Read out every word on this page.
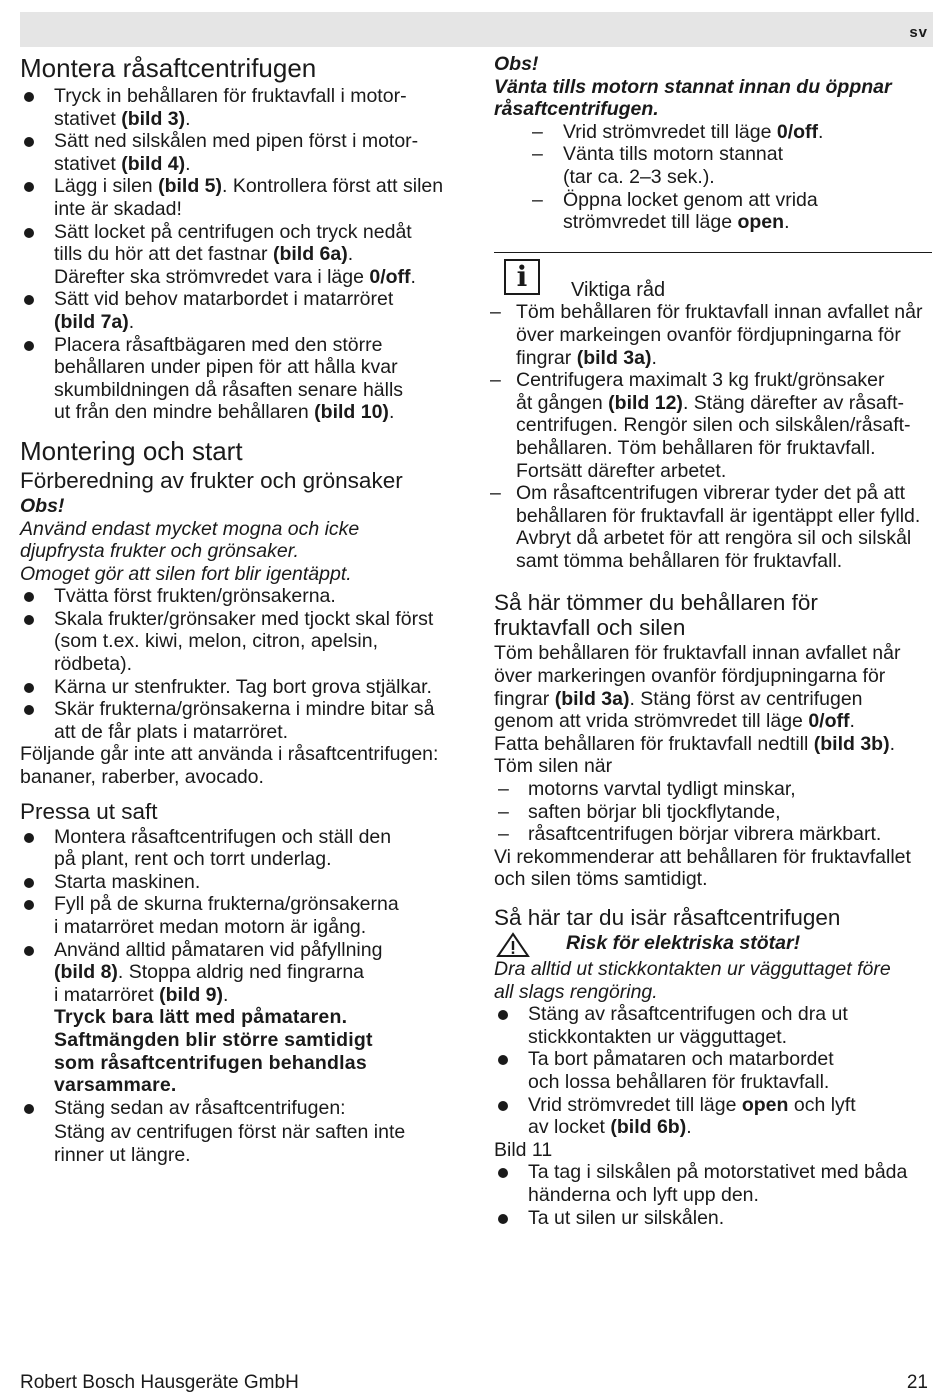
sv
Montera råsaftcentrifugen
Tryck in behållaren för fruktavfall i motor-
stativet (bild 3).
Sätt ned silskålen med pipen först i motor-
stativet (bild 4).
Lägg i silen (bild 5). Kontrollera först att silen
inte är skadad!
Sätt locket på centrifugen och tryck nedåt
tills du hör att det fastnar (bild 6a).
Därefter ska strömvredet vara i läge 0/off.
Sätt vid behov matarbordet i matarröret
(bild 7a).
Placera råsaftbägaren med den större
behållaren under pipen för att hålla kvar
skumbildningen då råsaften senare hälls
ut från den mindre behållaren (bild 10).
Montering och start
Förberedning av frukter och grönsaker

Obs!

Använd endast mycket mogna och icke
djupfrysta frukter och grönsaker.
Omoget gör att silen fort blir igentäppt.

Tvätta först frukten/grönsakerna.
Skala frukter/grönsaker med tjockt skal först
(som t.ex. kiwi, melon, citron, apelsin,
rödbeta).
Kärna ur stenfrukter. Tag bort grova stjälkar.
Skär frukterna/grönsakerna i mindre bitar så
att de får plats i matarröret.

Följande går inte att använda i råsaftcentrifugen:
bananer, raberber, avocado.

Pressa ut saft
Montera råsaftcentrifugen och ställ den
på plant, rent och torrt underlag.
Starta maskinen.
Fyll på de skurna frukterna/grönsakerna
i matarröret medan motorn är igång.
Använd alltid påmataren vid påfyllning
(bild 8). Stoppa aldrig ned fingrarna
i matarröret (bild 9).
Tryck bara lätt med påmataren.
Saftmängden blir större samtidigt
som råsaftcentrifugen behandlas
varsammare.
Stäng sedan av råsaftcentrifugen:
Stäng av centrifugen först när saften inte
rinner ut längre.

Obs!

Vänta tills motorn stannat innan du öppnar
råsaftcentrifugen.

– Vrid strömvredet till läge 0/off.
– Vänta tills motorn stannat
(tar ca. 2–3 sek.).
– Öppna locket genom att vrida
strömvredet till läge open.
i	Viktiga råd
– Töm behållaren för fruktavfall innan avfallet når
över markeingen ovanför fördjupningarna för
fingrar (bild 3a).
– Centrifugera maximalt 3 kg frukt/grönsaker
åt gången (bild 12). Stäng därefter av råsaft-
centrifugen. Rengör silen och silskålen/råsaft-
behållaren. Töm behållaren för fruktavfall.
Fortsätt därefter arbetet.
– Om råsaftcentrifugen vibrerar tyder det på att
behållaren för fruktavfall är igentäppt eller fylld.
Avbryt då arbetet för att rengöra sil och silskål
samt tömma behållaren för fruktavfall.
Så här tömmer du behållaren för
fruktavfall och silen

Töm behållaren för fruktavfall innan avfallet når
över markeringen ovanför fördjupningarna för
fingrar (bild 3a). Stäng först av centrifugen
genom att vrida strömvredet till läge 0/off.

Fatta behållaren för fruktavfall nedtill (bild 3b).

Töm silen när

– motorns varvtal tydligt minskar,
– saften börjar bli tjockflytande,
– råsaftcentrifugen börjar vibrera märkbart.

Vi rekommenderar att behållaren för fruktavfallet
och silen töms samtidigt.

Så här tar du isär råsaftcentrifugen
Risk för elektriska stötar!

Dra alltid ut stickkontakten ur vägguttaget före
all slags rengöring.

Stäng av råsaftcentrifugen och dra ut
stickkontakten ur vägguttaget.
Ta bort påmataren och matarbordet
och lossa behållaren för fruktavfall.
Vrid strömvredet till läge open och lyft
av locket (bild 6b).

Bild 11

Ta tag i silskålen på motorstativet med båda
händerna och lyft upp den.
Ta ut silen ur silskålen.
Robert Bosch Hausgeräte GmbH	21
